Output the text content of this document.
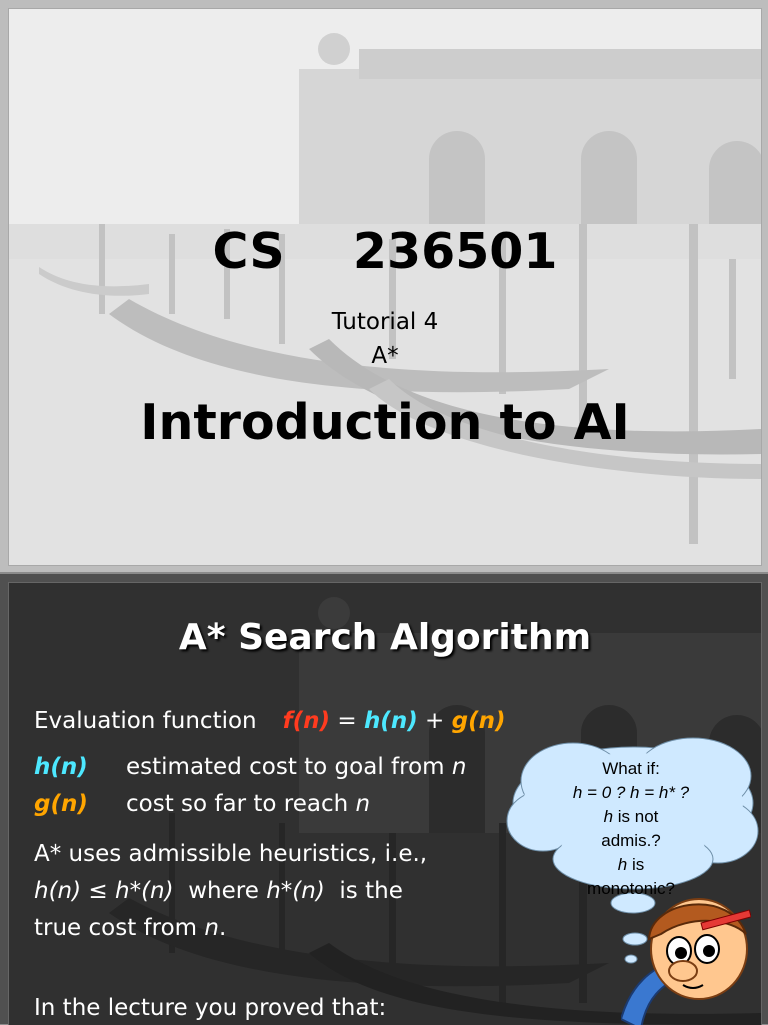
CS    236501

Introduction to AI

Tutorial 4
A*
A* Search Algorithm
Evaluation function f(n) = h(n) + g(n)
h(n) estimated cost to goal from n
g(n) cost so far to reach n
A* uses admissible heuristics, i.e.,
h(n) ≤ h*(n)  where h*(n)  is the
true cost from n.
In the lecture you proved that:
What if:
h = 0 ? h = h* ?
h is not
admis.?
h is
monotonic?
